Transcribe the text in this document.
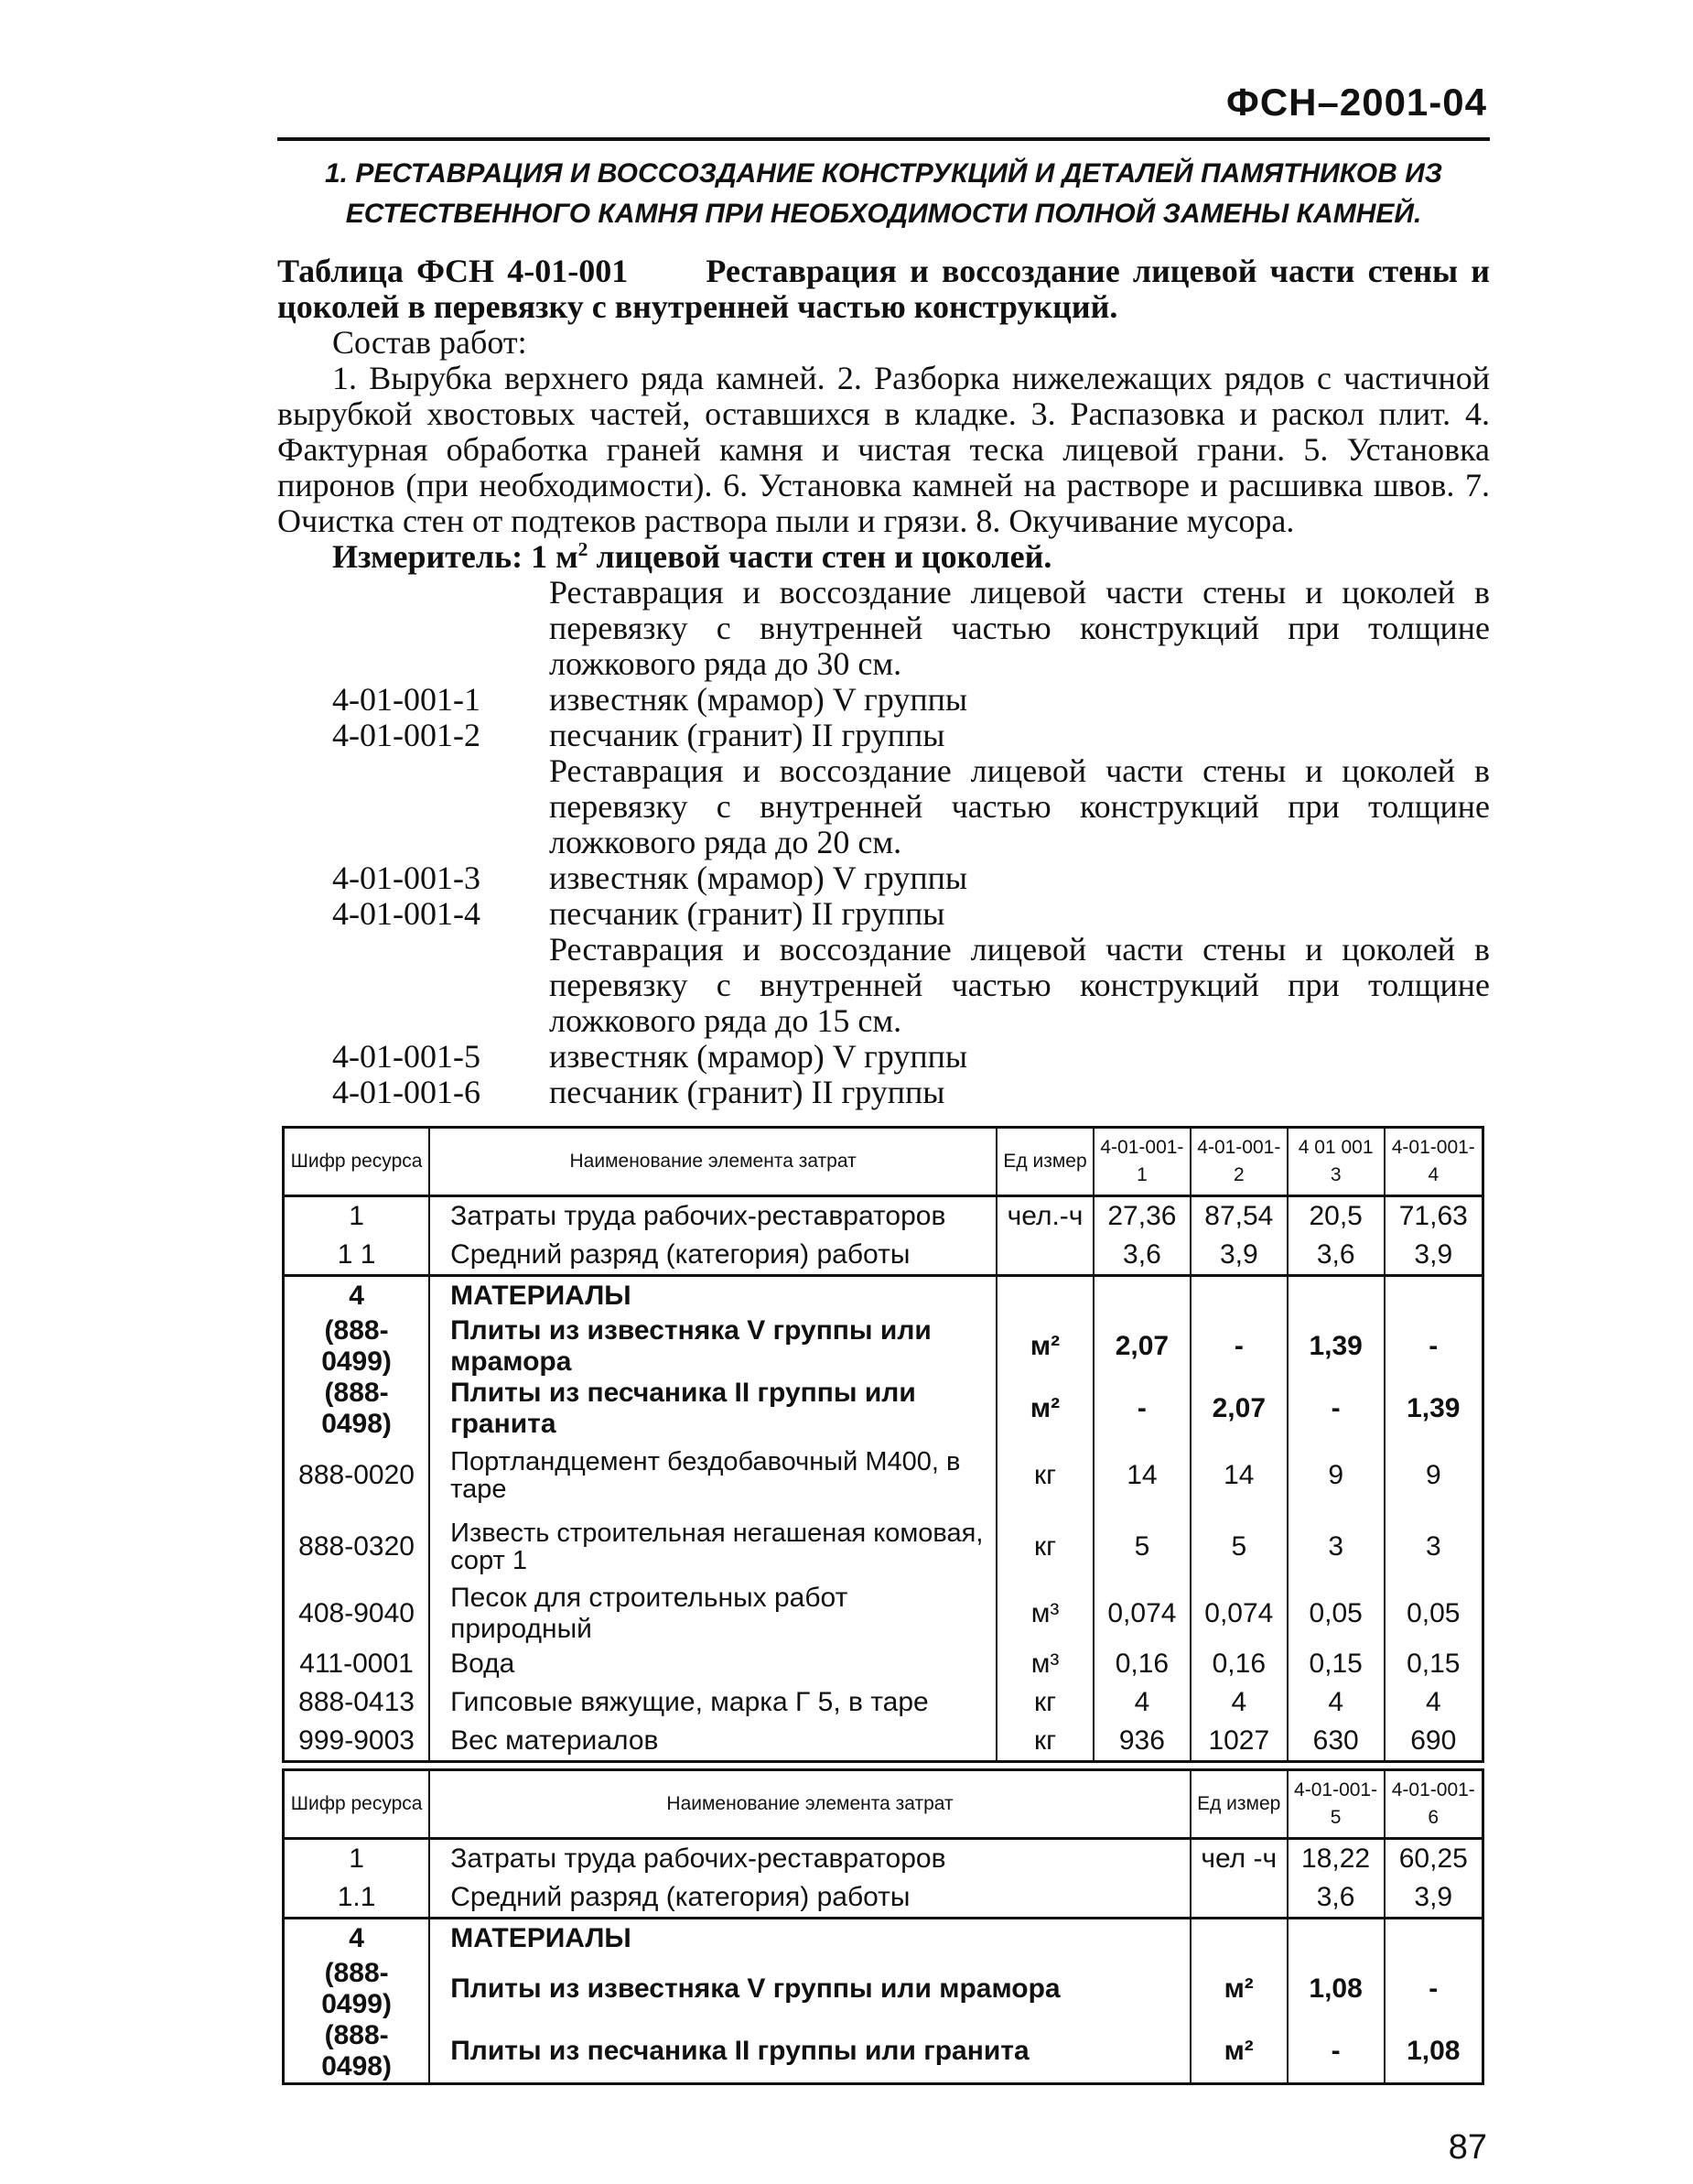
ФСН–2001-04
1. РЕСТАВРАЦИЯ И ВОССОЗДАНИЕ КОНСТРУКЦИЙ И ДЕТАЛЕЙ ПАМЯТНИКОВ ИЗ ЕСТЕСТВЕННОГО КАМНЯ ПРИ НЕОБХОДИМОСТИ ПОЛНОЙ ЗАМЕНЫ КАМНЕЙ.
Таблица ФСН 4-01-001 Реставрация и воссоздание лицевой части стены и цоколей в перевязку с внутренней частью конструкций.
Состав работ:
1. Вырубка верхнего ряда камней. 2. Разборка нижележащих рядов с частичной вырубкой хвостовых частей, оставшихся в кладке. 3. Распазовка и раскол плит. 4. Фактурная обработка граней камня и чистая теска лицевой грани. 5. Установка пиронов (при необходимости). 6. Установка камней на растворе и расшивка швов. 7. Очистка стен от подтеков раствора пыли и грязи. 8. Окучивание мусора.
Измеритель: 1 $м^2$ лицевой части стен и цоколей.
Реставрация и воссоздание лицевой части стены и цоколей в перевязку с внутренней частью конструкций при толщине ложкового ряда до 30 см.
4-01-001-1 известняк (мрамор) V группы
4-01-001-2 песчаник (гранит) II группы
Реставрация и воссоздание лицевой части стены и цоколей в перевязку с внутренней частью конструкций при толщине ложкового ряда до 20 см.
4-01-001-3 известняк (мрамор) V группы
4-01-001-4 песчаник (гранит) II группы
Реставрация и воссоздание лицевой части стены и цоколей в перевязку с внутренней частью конструкций при толщине ложкового ряда до 15 см.
4-01-001-5 известняк (мрамор) V группы
4-01-001-6 песчаник (гранит) II группы
Шифр ресурса	Наименование элемента затрат	Ед измер	4-01-001-1	4-01-001-2	4 01 001 3	4-01-001-4
1	Затраты труда рабочих-реставраторов	чел.-ч	27,36	87,54	20,5	71,63
1 1	Средний разряд (категория) работы		3,6	3,9	3,6	3,9
4	МАТЕРИАЛЫ					
(888-0499)	Плиты из известняка V группы или мрамора	м²	2,07	-	1,39	-
(888-0498)	Плиты из песчаника II группы или гранита	м²	-	2,07	-	1,39
888-0020	Портландцемент бездобавочный М400, в таре	кг	14	14	9	9
888-0320	Известь строительная негашеная комовая, сорт 1	кг	5	5	3	3
408-9040	Песок для строительных работ природный	м³	0,074	0,074	0,05	0,05
411-0001	Вода	м³	0,16	0,16	0,15	0,15
888-0413	Гипсовые вяжущие, марка Г 5, в таре	кг	4	4	4	4
999-9003	Вес материалов	кг	936	1027	630	690
Шифр ресурса	Наименование элемента затрат	Ед измер	4-01-001-5	4-01-001-6
1	Затраты труда рабочих-реставраторов	чел -ч	18,22	60,25
1.1	Средний разряд (категория) работы		3,6	3,9
4	МАТЕРИАЛЫ			
(888-0499)	Плиты из известняка V группы или мрамора	м²	1,08	-
(888-0498)	Плиты из песчаника II группы или гранита	м²	-	1,08
87
